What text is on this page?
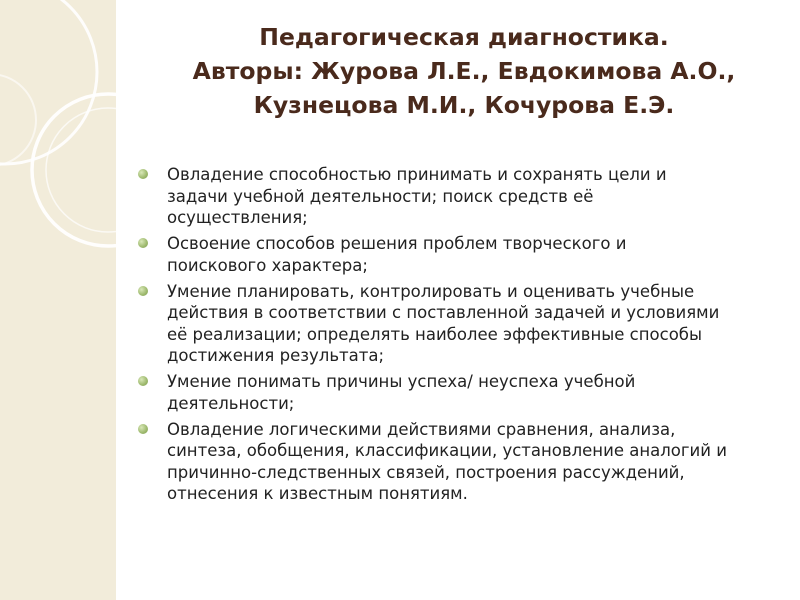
Педагогическая диагностика.
Авторы: Журова Л.Е., Евдокимова А.О.,
Кузнецова М.И., Кочурова Е.Э.
Овладение способностью принимать и сохранять цели и
задачи учебной деятельности; поиск средств её
осуществления;
Освоение способов решения проблем творческого и
поискового характера;
Умение планировать, контролировать и оценивать учебные
действия в соответствии с поставленной задачей и условиями
её реализации; определять наиболее эффективные способы
достижения результата;
Умение понимать причины успеха/ неуспеха учебной
деятельности;
Овладение логическими действиями сравнения, анализа,
синтеза, обобщения, классификации, установление аналогий и
причинно-следственных связей, построения рассуждений,
отнесения к известным понятиям.
